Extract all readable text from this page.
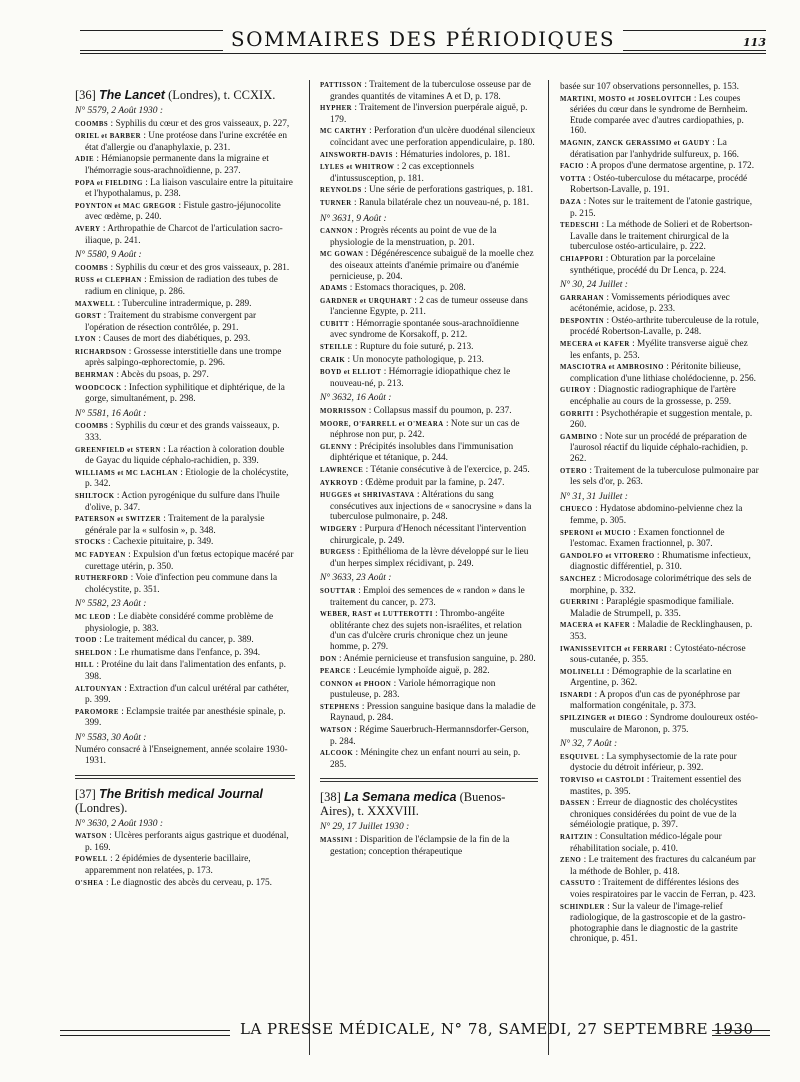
SOMMAIRES DES PÉRIODIQUES	113
[36] The Lancet (Londres), t. CCXIX.
N° 5579, 2 Août 1930 :
COOMBS : Syphilis du cœur et des gros vaisseaux, p. 227,
ORIEL et BARBER : Une protéose dans l'urine excrétée en état d'allergie ou d'anaphylaxie, p. 231.
ADIE : Hémianopsie permanente dans la migraine et l'hémorragie sous-arachnoïdienne, p. 237.
POPA et FIELDING : La liaison vasculaire entre la pituitaire et l'hypothalamus, p. 238.
POYNTON et MAC GREGOR : Fistule gastro-jéjunocolite avec œdème, p. 240.
AVERY : Arthropathie de Charcot de l'articulation sacro-iliaque, p. 241.
N° 5580, 9 Août :
COOMBS : Syphilis du cœur et des gros vaisseaux, p. 281.
RUSS et CLEPHAN : Emission de radiation des tubes de radium en clinique, p. 286.
MAXWELL : Tuberculine intradermique, p. 289.
GORST : Traitement du strabisme convergent par l'opération de résection contrôlée, p. 291.
LYON : Causes de mort des diabétiques, p. 293.
RICHARDSON : Grossesse interstitielle dans une trompe après salpingo-œphorectomie, p. 296.
BEHRMAN : Abcès du psoas, p. 297.
WOODCOCK : Infection syphilitique et diphtérique, de la gorge, simultanément, p. 298.
N° 5581, 16 Août :
COOMBS : Syphilis du cœur et des grands vaisseaux, p. 333.
GREENFIELD et STERN : La réaction à coloration double de Gayac du liquide céphalo-rachidien, p. 339.
WILLIAMS et MC LACHLAN : Etiologie de la cholécystite, p. 342.
SHILTOCK : Action pyrogénique du sulfure dans l'huile d'olive, p. 347.
PATERSON et SWITZER : Traitement de la paralysie générale par la « sulfosin », p. 348.
STOCKS : Cachexie pituitaire, p. 349.
MC FADYEAN : Expulsion d'un fœtus ectopique macéré par curettage utérin, p. 350.
RUTHERFORD : Voie d'infection peu commune dans la cholécystite, p. 351.
N° 5582, 23 Août :
MC LEOD : Le diabète considéré comme problème de physiologie, p. 383.
TOOD : Le traitement médical du cancer, p. 389.
SHELDON : Le rhumatisme dans l'enfance, p. 394.
HILL : Protéine du lait dans l'alimentation des enfants, p. 398.
ALTOUNYAN : Extraction d'un calcul urétéral par cathéter, p. 399.
PAROMORE : Eclampsie traitée par anesthésie spinale, p. 399.
N° 5583, 30 Août :
Numéro consacré à l'Enseignement, année scolaire 1930-1931.
[37] The British medical Journal (Londres).
N° 3630, 2 Août 1930 :
WATSON : Ulcères perforants aigus gastrique et duodénal, p. 169.
POWELL : 2 épidémies de dysenterie bacillaire, apparemment non relatées, p. 173.
O'SHEA : Le diagnostic des abcès du cerveau, p. 175.
PATTISSON : Traitement de la tuberculose osseuse par de grandes quantités de vitamines A et D, p. 178.
HYPHER : Traitement de l'inversion puerpérale aiguë, p. 179.
MC CARTHY : Perforation d'un ulcère duodénal silencieux coïncidant avec une perforation appendiculaire, p. 180.
AINSWORTH-DAVIS : Hématuries indolores, p. 181.
LYLES et WHITROW : 2 cas exceptionnels d'intussusception, p. 181.
REYNOLDS : Une série de perforations gastriques, p. 181.
TURNER : Ranula bilatérale chez un nouveau-né, p. 181.
N° 3631, 9 Août :
CANNON : Progrès récents au point de vue de la physiologie de la menstruation, p. 201.
MC GOWAN : Dégénérescence subaiguë de la moelle chez des oiseaux atteints d'anémie primaire ou d'anémie pernicieuse, p. 204.
ADAMS : Estomacs thoraciques, p. 208.
GARDNER et URQUHART : 2 cas de tumeur osseuse dans l'ancienne Egypte, p. 211.
CUBITT : Hémorragie spontanée sous-arachnoïdienne avec syndrome de Korsakoff, p. 212.
STEILLE : Rupture du foie suturé, p. 213.
CRAIK : Un monocyte pathologique, p. 213.
BOYD et ELLIOT : Hémorragie idiopathique chez le nouveau-né, p. 213.
N° 3632, 16 Août :
MORRISSON : Collapsus massif du poumon, p. 237.
MOORE, O'FARRELL et O'MEARA : Note sur un cas de néphrose non pur, p. 242.
GLENNY : Précipités insolubles dans l'immunisation diphtérique et tétanique, p. 244.
LAWRENCE : Tétanie consécutive à de l'exercice, p. 245.
AYKROYD : Œdème produit par la famine, p. 247.
HUGGES et SHRIVASTAVA : Altérations du sang consécutives aux injections de « sanocrysine » dans la tuberculose pulmonaire, p. 248.
WIDGERY : Purpura d'Henoch nécessitant l'intervention chirurgicale, p. 249.
BURGESS : Epithélioma de la lèvre développé sur le lieu d'un herpes simplex récidivant, p. 249.
N° 3633, 23 Août :
SOUTTAR : Emploi des semences de « randon » dans le traitement du cancer, p. 273.
WEBER, RAST et LUTTEROTTI : Thrombo-angéite oblitérante chez des sujets non-israélites, et relation d'un cas d'ulcère cruris chronique chez un jeune homme, p. 279.
DON : Anémie pernicieuse et transfusion sanguine, p. 280.
PEARCE : Leucémie lymphoïde aiguë, p. 282.
CONNON et PHOON : Variole hémorragique non pustuleuse, p. 283.
STEPHENS : Pression sanguine basique dans la maladie de Raynaud, p. 284.
WATSON : Régime Sauerbruch-Hermannsdorfer-Gerson, p. 284.
ALCOOK : Méningite chez un enfant nourri au sein, p. 285.
[38] La Semana medica (Buenos-Aires), t. XXXVIII.
N° 29, 17 Juillet 1930 :
MASSINI : Disparition de l'éclampsie de la fin de la gestation; conception thérapeutique
basée sur 107 observations personnelles, p. 153.
MARTINI, MOSTO et JOSELOVITCH : Les coupes sériées du cœur dans le syndrome de Bernheim. Etude comparée avec d'autres cardiopathies, p. 160.
MAGNIN, ZANCK GERASSIMO et GAUDY : La dératisation par l'anhydride sulfureux, p. 166.
FACIO : A propos d'une dermatose argentine, p. 172.
VOTTA : Ostéo-tuberculose du métacarpe, procédé Robertson-Lavalle, p. 191.
DAZA : Notes sur le traitement de l'atonie gastrique, p. 215.
TEDESCHI : La méthode de Solieri et de Robertson-Lavalle dans le traitement chirurgical de la tuberculose ostéo-articulaire, p. 222.
CHIAPPORI : Obturation par la porcelaine synthétique, procédé du Dr Lenca, p. 224.
N° 30, 24 Juillet :
GARRAHAN : Vomissements périodiques avec acétonémie, acidose, p. 233.
DESPONTIN : Ostéo-arthrite tuberculeuse de la rotule, procédé Robertson-Lavalle, p. 248.
MECERA et KAFER : Myélite transverse aiguë chez les enfants, p. 253.
MASCIOTRA et AMBROSINO : Péritonite bilieuse, complication d'une lithiase cholédocienne, p. 256.
GUIROY : Diagnostic radiographique de l'artère encéphalie au cours de la grossesse, p. 259.
GORRITI : Psychothérapie et suggestion mentale, p. 260.
GAMBINO : Note sur un procédé de préparation de l'aurosol réactif du liquide céphalo-rachidien, p. 262.
OTERO : Traitement de la tuberculose pulmonaire par les sels d'or, p. 263.
N° 31, 31 Juillet :
CHUECO : Hydatose abdomino-pelvienne chez la femme, p. 305.
SPERONI et MUCIO : Examen fonctionnel de l'estomac. Examen fractionnel, p. 307.
GANDOLFO et VITORERO : Rhumatisme infectieux, diagnostic différentiel, p. 310.
SANCHEZ : Microdosage colorimétrique des sels de morphine, p. 332.
GUERRINI : Paraplégie spasmodique familiale. Maladie de Strumpell, p. 335.
MACERA et KAFER : Maladie de Recklinghausen, p. 353.
IWANISSEVITCH et FERRARI : Cytostéato-nécrose sous-cutanée, p. 355.
MOLINELLI : Démographie de la scarlatine en Argentine, p. 362.
ISNARDI : A propos d'un cas de pyonéphrose par malformation congénitale, p. 373.
SPILZINGER et DIEGO : Syndrome douloureux ostéo-musculaire de Maronon, p. 375.
N° 32, 7 Août :
ESQUIVEL : La symphysectomie de la rate pour dystocie du détroit inférieur, p. 392.
TORVISO et CASTOLDI : Traitement essentiel des mastites, p. 395.
DASSEN : Erreur de diagnostic des cholécystites chroniques considérées du point de vue de la séméiologie pratique, p. 397.
RAITZIN : Consultation médico-légale pour réhabilitation sociale, p. 410.
ZENO : Le traitement des fractures du calcanéum par la méthode de Bohler, p. 418.
CASSUTO : Traitement de différentes lésions des voies respiratoires par le vaccin de Ferran, p. 423.
SCHINDLER : Sur la valeur de l'image-relief radiologique, de la gastroscopie et de la gastro-photographie dans le diagnostic de la gastrite chronique, p. 451.
LA PRESSE MÉDICALE, N° 78, SAMEDI, 27 SEPTEMBRE 1930
